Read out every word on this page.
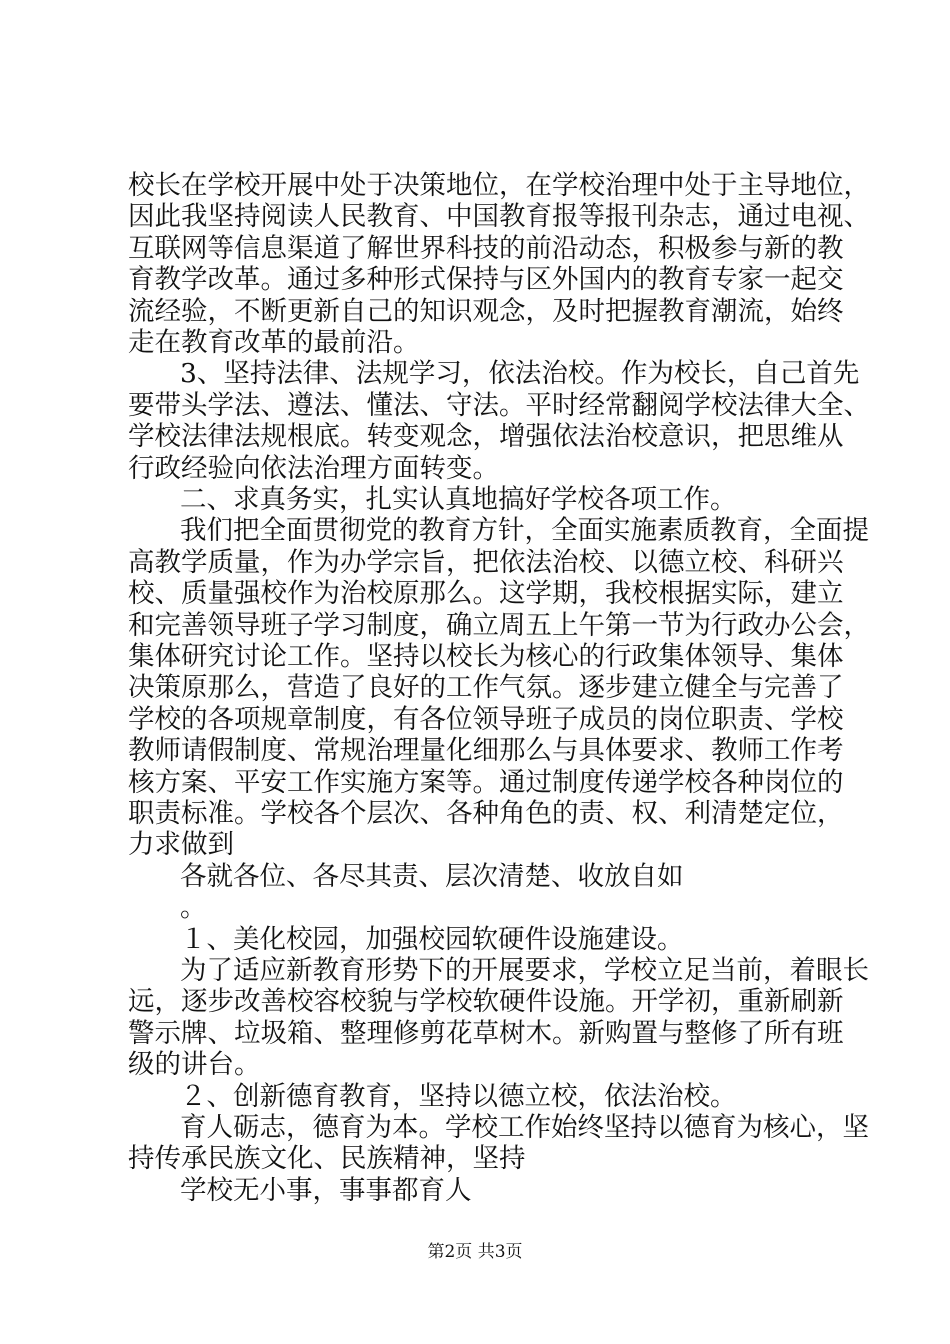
校长在学校开展中处于决策地位，在学校治理中处于主导地位，
因此我坚持阅读人民教育、中国教育报等报刊杂志，通过电视、
互联网等信息渠道了解世界科技的前沿动态，积极参与新的教
育教学改革。通过多种形式保持与区外国内的教育专家一起交
流经验，不断更新自己的知识观念，及时把握教育潮流，始终
走在教育改革的最前沿。
3、坚持法律、法规学习，依法治校。作为校长，自己首先
要带头学法、遵法、懂法、守法。平时经常翻阅学校法律大全、
学校法律法规根底。转变观念，增强依法治校意识，把思维从
行政经验向依法治理方面转变。
二、求真务实，扎实认真地搞好学校各项工作。
我们把全面贯彻党的教育方针，全面实施素质教育，全面提
高教学质量，作为办学宗旨，把依法治校、以德立校、科研兴
校、质量强校作为治校原那么。这学期，我校根据实际，建立
和完善领导班子学习制度，确立周五上午第一节为行政办公会，
集体研究讨论工作。坚持以校长为核心的行政集体领导、集体
决策原那么，营造了良好的工作气氛。逐步建立健全与完善了
学校的各项规章制度，有各位领导班子成员的岗位职责、学校
教师请假制度、常规治理量化细那么与具体要求、教师工作考
核方案、平安工作实施方案等。通过制度传递学校各种岗位的
职责标准。学校各个层次、各种角色的责、权、利清楚定位，
力求做到
各就各位、各尽其责、层次清楚、收放自如
。
１、美化校园，加强校园软硬件设施建设。
为了适应新教育形势下的开展要求，学校立足当前，着眼长
远，逐步改善校容校貌与学校软硬件设施。开学初，重新刷新
警示牌、垃圾箱、整理修剪花草树木。新购置与整修了所有班
级的讲台。
２、创新德育教育，坚持以德立校，依法治校。
育人砺志，德育为本。学校工作始终坚持以德育为核心，坚
持传承民族文化、民族精神，坚持
学校无小事，事事都育人
第2页 共3页
